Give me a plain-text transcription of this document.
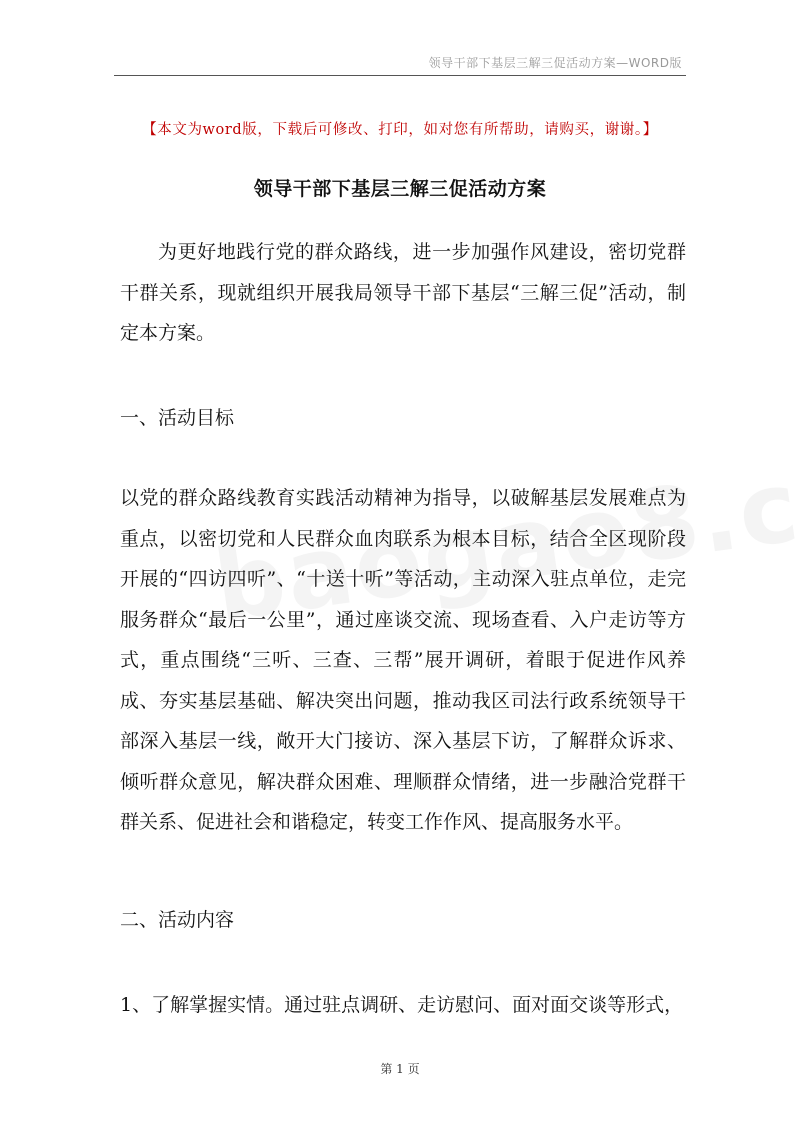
领导干部下基层三解三促活动方案—WORD版
【本文为word版，下载后可修改、打印，如对您有所帮助，请购买，谢谢。】
领导干部下基层三解三促活动方案
为更好地践行党的群众路线，进一步加强作风建设，密切党群干群关系，现就组织开展我局领导干部下基层“三解三促”活动，制定本方案。
一、活动目标
以党的群众路线教育实践活动精神为指导，以破解基层发展难点为重点，以密切党和人民群众血肉联系为根本目标，结合全区现阶段开展的“四访四听”、“十送十听”等活动，主动深入驻点单位，走完服务群众“最后一公里”，通过座谈交流、现场查看、入户走访等方式，重点围绕“三听、三查、三帮”展开调研，着眼于促进作风养成、夯实基层基础、解决突出问题，推动我区司法行政系统领导干部深入基层一线，敞开大门接访、深入基层下访，了解群众诉求、倾听群众意见，解决群众困难、理顺群众情绪，进一步融洽党群干群关系、促进社会和谐稳定，转变工作作风、提高服务水平。
二、活动内容
1、了解掌握实情。通过驻点调研、走访慰问、面对面交谈等形式，
第 1 页
